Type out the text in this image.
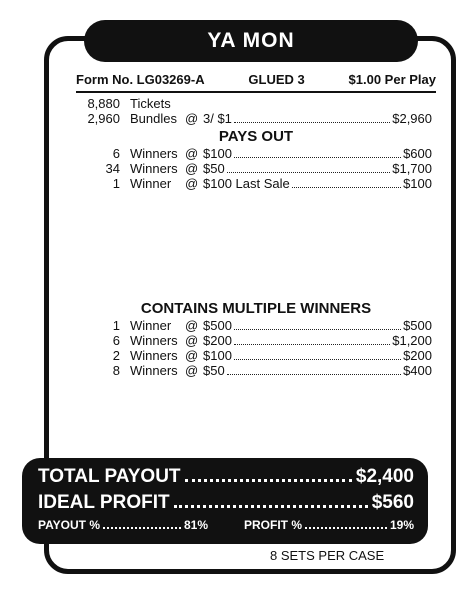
YA MON
Form No. LG03269-A	GLUED 3	$1.00 Per Play
8,880 Tickets
2,960 Bundles @ 3/ $1	$2,960
PAYS OUT
6 Winners @ $100	$600
34 Winners @ $50	$1,700
1 Winner	@ $100 Last Sale	$100
CONTAINS MULTIPLE WINNERS
1 Winner	@ $500	$500
6 Winners @ $200	$1,200
2 Winners @ $100	$200
8 Winners @ $50	$400
TOTAL PAYOUT	$2,400
IDEAL PROFIT	$560
PAYOUT %	81%	PROFIT %	19%
8 SETS PER CASE
